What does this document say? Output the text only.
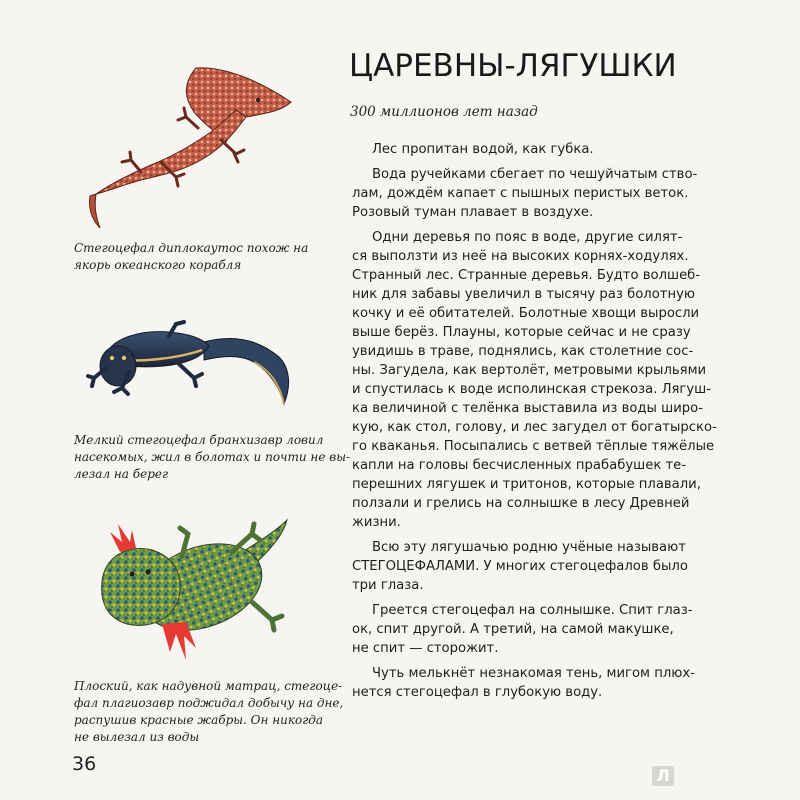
Стегоцефал диплокаутос похож на
якорь океанского корабля
Мелкий стегоцефал бранхизавр ловил
насекомых, жил в болотах и почти не вы-
лезал на берег
Плоский, как надувной матрац, стегоце-
фал плагиозавр поджидал добычу на дне,
распушив красные жабры. Он никогда
не вылезал из воды
36
ЦАРЕВНЫ-ЛЯГУШКИ
300 миллионов лет назад

Лес пропитан водой, как губка.

Вода ручейками сбегает по чешуйчатым ство-
лам, дождём капает с пышных перистых веток.
Розовый туман плавает в воздухе.

Одни деревья по пояс в воде, другие силят-
ся выползти из неё на высоких корнях-ходулях.
Странный лес. Странные деревья. Будто волшеб-
ник для забавы увеличил в тысячу раз болотную
кочку и её обитателей. Болотные хвощи выросли
выше берёз. Плауны, которые сейчас и не сразу
увидишь в траве, поднялись, как столетние сос-
ны. Загудела, как вертолёт, метровыми крыльями
и спустилась к воде исполинская стрекоза. Лягуш-
ка величиной с телёнка выставила из воды широ-
кую, как стол, голову, и лес загудел от богатырско-
го кваканья. Посыпались с ветвей тёплые тяжёлые
капли на головы бесчисленных прабабушек те-
перешних лягушек и тритонов, которые плавали,
ползали и грелись на солнышке в лесу Древней
жизни.

Всю эту лягушачью родню учёные называют
СТЕГОЦЕФАЛАМИ. У многих стегоцефалов было
три глаза.

Греется стегоцефал на солнышке. Спит глаз-
ок, спит другой. А третий, на самой макушке,
не спит — сторожит.

Чуть мелькнёт незнакомая тень, мигом плюх-
нется стегоцефал в глубокую воду.

Л
